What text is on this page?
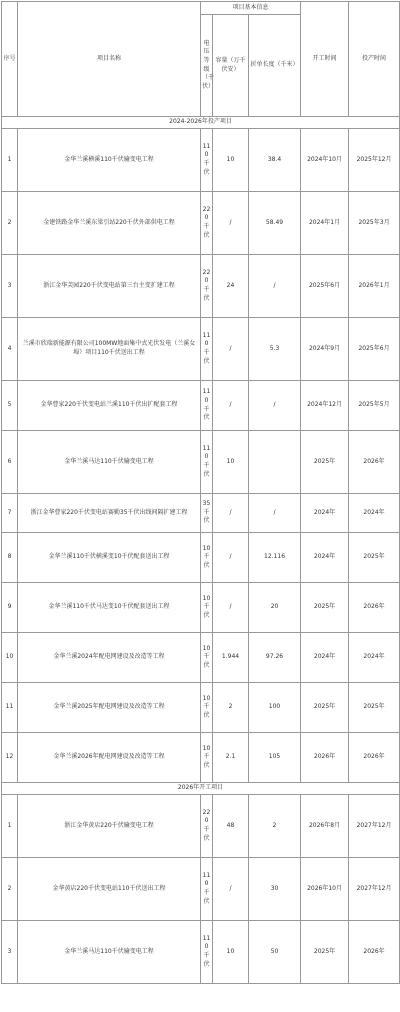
序号	项目名称	项目基本信息			开工时间	投产时间
		电压等级（千伏）	容量（万千伏安）	折单长度（千米）		
2024-2026年投产项目						
1	金华兰溪横溪110千伏输变电工程	110千伏	10	38.4	2024年10月	2025年12月
2	金建铁路金华兰溪东梁引站220千伏外部供电工程	220千伏	/	58.49	2024年1月	2025年3月
3	浙江金华芙园220千伏变电站第三台主变扩建工程	220千伏	24	/	2025年6月	2026年1月
4	兰溪市欣瑞新能源有限公司100MW地面集中式光伏发电（兰溪女埠）项目110千伏送出工程	110千伏	/	5.3	2024年9月	2025年6月
5	金华曹家220千伏变电站兰溪110千伏出扩配套工程	110千伏	/	/	2024年12月	2025年5月
6	金华兰溪马达110千伏输变电工程	110千伏	10		2025年	2026年
7	浙江金华曹家220千伏变电站赛勤35千伏出线间隔扩建工程	35千伏	/	/	2024年	2024年
8	金华兰溪110千伏横溪变10千伏配套送出工程	10千伏	/	12.116	2024年	2025年
9	金华兰溪110千伏马达变10千伏配套送出工程	10千伏	/	20	2025年	2026年
10	金华兰溪2024年配电网建设及改造等工程	10千伏	1.944	97.26	2024年	2024年
11	金华兰溪2025年配电网建设及改造等工程	10千伏	2	100	2025年	2025年
12	金华兰溪2026年配电网建设及改造等工程	10千伏	2.1	105	2026年	2026年
2026年开工项目						
1	浙江金华黄店220千伏输变电工程	220千伏	48	2	2026年8月	2027年12月
2	金华黄店220千伏变电站110千伏送出工程	110千伏	/	30	2026年10月	2027年12月
3	金华兰溪马达110千伏输变电工程	110千伏	10	50	2025年	2026年
